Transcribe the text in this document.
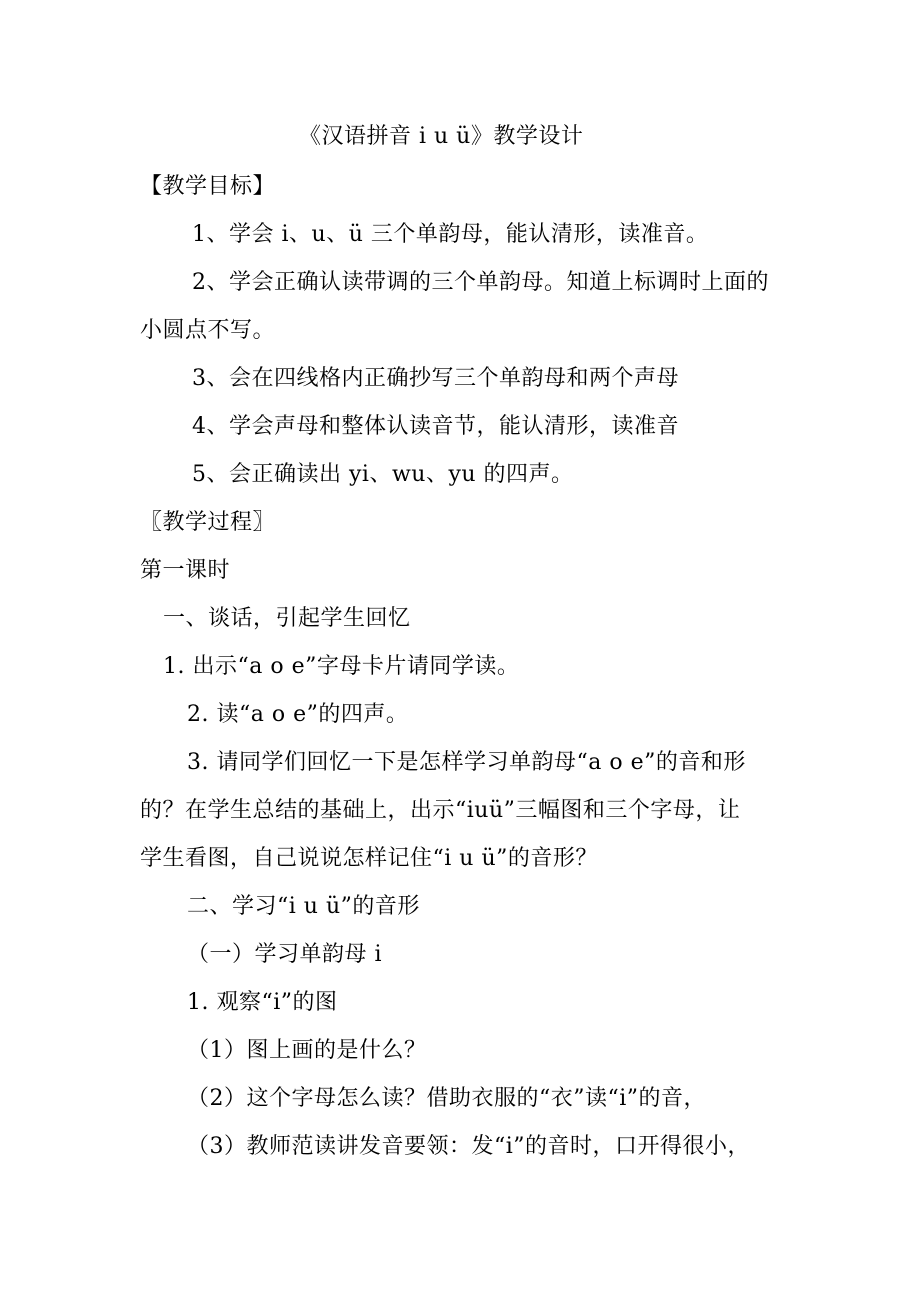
《汉语拼音 i u ü》教学设计
【教学目标】
1、学会 i、u、ü 三个单韵母，能认清形，读准音。
2、学会正确认读带调的三个单韵母。知道上标调时上面的
小圆点不写。
3、会在四线格内正确抄写三个单韵母和两个声母
4、学会声母和整体认读音节，能认清形，读准音
5、会正确读出 yi、wu、yu 的四声。
〖教学过程〗
第一课时
一、谈话，引起学生回忆
1. 出示“a o e”字母卡片请同学读。
2. 读“a o e”的四声。
3. 请同学们回忆一下是怎样学习单韵母“a o e”的音和形
的？在学生总结的基础上，出示“iuü”三幅图和三个字母，让
学生看图，自己说说怎样记住“i u ü”的音形？
二、学习“i u ü”的音形
（一）学习单韵母 i
1. 观察“i”的图
（1）图上画的是什么？
（2）这个字母怎么读？借助衣服的“衣”读“i”的音，
（3）教师范读讲发音要领：发“i”的音时，口开得很小，
